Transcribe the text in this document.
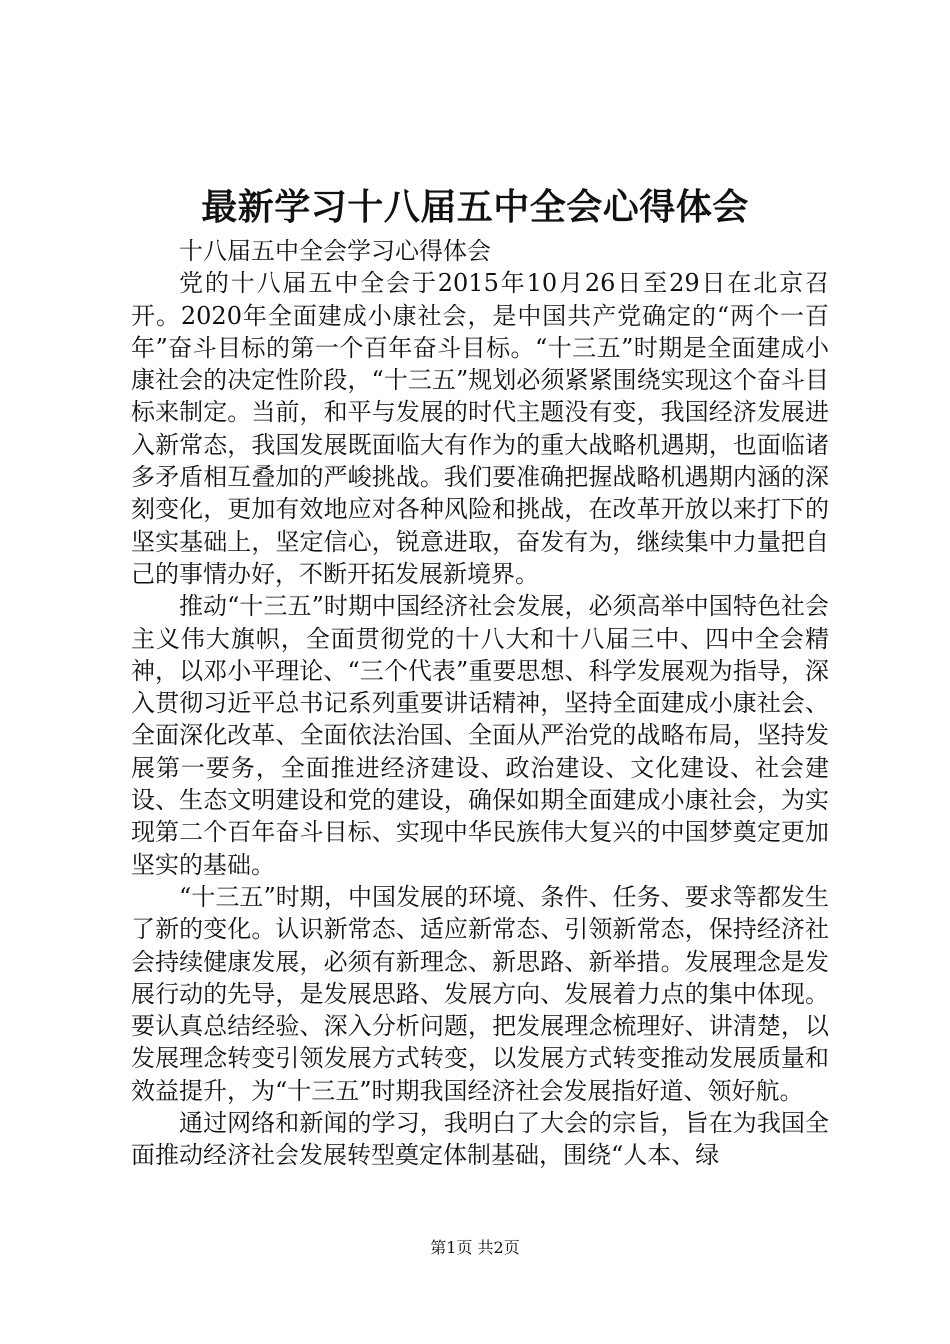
最新学习十八届五中全会心得体会

十八届五中全会学习心得体会

党的十八届五中全会于2015年10月26日至29日在北京召开。2020年全面建成小康社会，是中国共产党确定的“两个一百年”奋斗目标的第一个百年奋斗目标。“十三五”时期是全面建成小康社会的决定性阶段，“十三五”规划必须紧紧围绕实现这个奋斗目标来制定。当前，和平与发展的时代主题没有变，我国经济发展进入新常态，我国发展既面临大有作为的重大战略机遇期，也面临诸多矛盾相互叠加的严峻挑战。我们要准确把握战略机遇期内涵的深刻变化，更加有效地应对各种风险和挑战，在改革开放以来打下的坚实基础上，坚定信心，锐意进取，奋发有为，继续集中力量把自己的事情办好，不断开拓发展新境界。

推动“十三五”时期中国经济社会发展，必须高举中国特色社会主义伟大旗帜，全面贯彻党的十八大和十八届三中、四中全会精神，以邓小平理论、“三个代表”重要思想、科学发展观为指导，深入贯彻习近平总书记系列重要讲话精神，坚持全面建成小康社会、全面深化改革、全面依法治国、全面从严治党的战略布局，坚持发展第一要务，全面推进经济建设、政治建设、文化建设、社会建设、生态文明建设和党的建设，确保如期全面建成小康社会，为实现第二个百年奋斗目标、实现中华民族伟大复兴的中国梦奠定更加坚实的基础。

“十三五”时期，中国发展的环境、条件、任务、要求等都发生了新的变化。认识新常态、适应新常态、引领新常态，保持经济社会持续健康发展，必须有新理念、新思路、新举措。发展理念是发展行动的先导，是发展思路、发展方向、发展着力点的集中体现。要认真总结经验、深入分析问题，把发展理念梳理好、讲清楚，以发展理念转变引领发展方式转变，以发展方式转变推动发展质量和效益提升，为“十三五”时期我国经济社会发展指好道、领好航。

通过网络和新闻的学习，我明白了大会的宗旨，旨在为我国全面推动经济社会发展转型奠定体制基础，围绕“人本、绿

第1页 共2页
